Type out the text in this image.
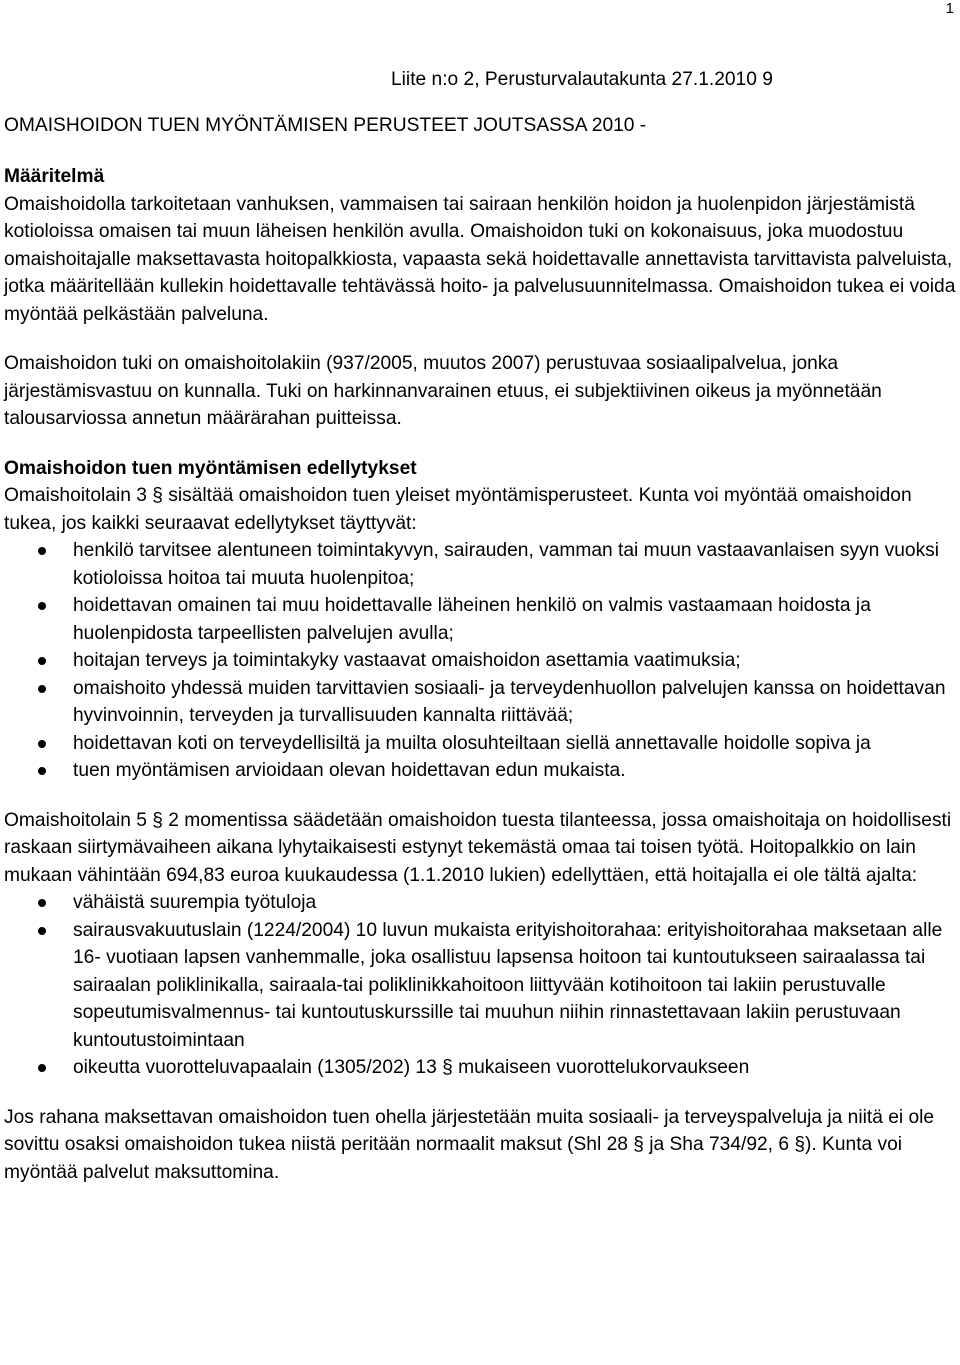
1

Liite n:o 2, Perusturvalautakunta 27.1.2010 9

OMAISHOIDON TUEN MYÖNTÄMISEN PERUSTEET JOUTSASSA 2010 -

Määritelmä

Omaishoidolla tarkoitetaan vanhuksen, vammaisen tai sairaan henkilön hoidon ja huolenpidon järjestämistä kotioloissa omaisen tai muun läheisen henkilön avulla. Omaishoidon tuki on kokonaisuus, joka muodostuu omaishoitajalle maksettavasta hoitopalkkiosta, vapaasta sekä hoidettavalle annettavista tarvittavista palveluista, jotka määritellään kullekin hoidettavalle tehtävässä hoito- ja palvelusuunnitelmassa. Omaishoidon tukea ei voida myöntää pelkästään palveluna.

Omaishoidon tuki on omaishoitolakiin (937/2005, muutos 2007) perustuvaa sosiaalipalvelua, jonka järjestämisvastuu on kunnalla. Tuki on harkinnanvarainen etuus, ei subjektiivinen oikeus ja myönnetään talousarviossa annetun määrärahan puitteissa.

Omaishoidon tuen myöntämisen edellytykset

Omaishoitolain 3 § sisältää omaishoidon tuen yleiset myöntämisperusteet. Kunta voi myöntää omaishoidon tukea, jos kaikki seuraavat edellytykset täyttyvät:

henkilö tarvitsee alentuneen toimintakyvyn, sairauden, vamman tai muun vastaavanlaisen syyn vuoksi kotioloissa hoitoa tai muuta huolenpitoa;
hoidettavan omainen tai muu hoidettavalle läheinen henkilö on valmis vastaamaan hoidosta ja huolenpidosta tarpeellisten palvelujen avulla;
hoitajan terveys ja toimintakyky vastaavat omaishoidon asettamia vaatimuksia;
omaishoito yhdessä muiden tarvittavien sosiaali- ja terveydenhuollon palvelujen kanssa on hoidettavan hyvinvoinnin, terveyden ja turvallisuuden kannalta riittävää;
hoidettavan koti on terveydellisiltä ja muilta olosuhteiltaan siellä annettavalle hoidolle sopiva ja
tuen myöntämisen arvioidaan olevan hoidettavan edun mukaista.

Omaishoitolain 5 § 2 momentissa säädetään omaishoidon tuesta tilanteessa, jossa omaishoitaja on hoidollisesti raskaan siirtymävaiheen aikana lyhytaikaisesti estynyt tekemästä omaa tai toisen työtä. Hoitopalkkio on lain mukaan vähintään 694,83 euroa kuukaudessa (1.1.2010 lukien) edellyttäen, että hoitajalla ei ole tältä ajalta:

vähäistä suurempia työtuloja
sairausvakuutuslain (1224/2004) 10 luvun mukaista erityishoitorahaa: erityishoitorahaa maksetaan alle 16- vuotiaan lapsen vanhemmalle, joka osallistuu lapsensa hoitoon tai kuntoutukseen sairaalassa tai sairaalan poliklinikalla, sairaala-tai poliklinikkahoitoon liittyvään kotihoitoon tai lakiin perustuvalle sopeutumisvalmennus- tai kuntoutuskurssille tai muuhun niihin rinnastettavaan lakiin perustuvaan kuntoutustoimintaan
oikeutta vuorotteluvapaalain (1305/202) 13 § mukaiseen vuorottelukorvaukseen

Jos rahana maksettavan omaishoidon tuen ohella järjestetään muita sosiaali- ja terveyspalveluja ja niitä ei ole sovittu osaksi omaishoidon tukea niistä peritään normaalit maksut (Shl 28 § ja Sha 734/92, 6 §). Kunta voi myöntää palvelut maksuttomina.
